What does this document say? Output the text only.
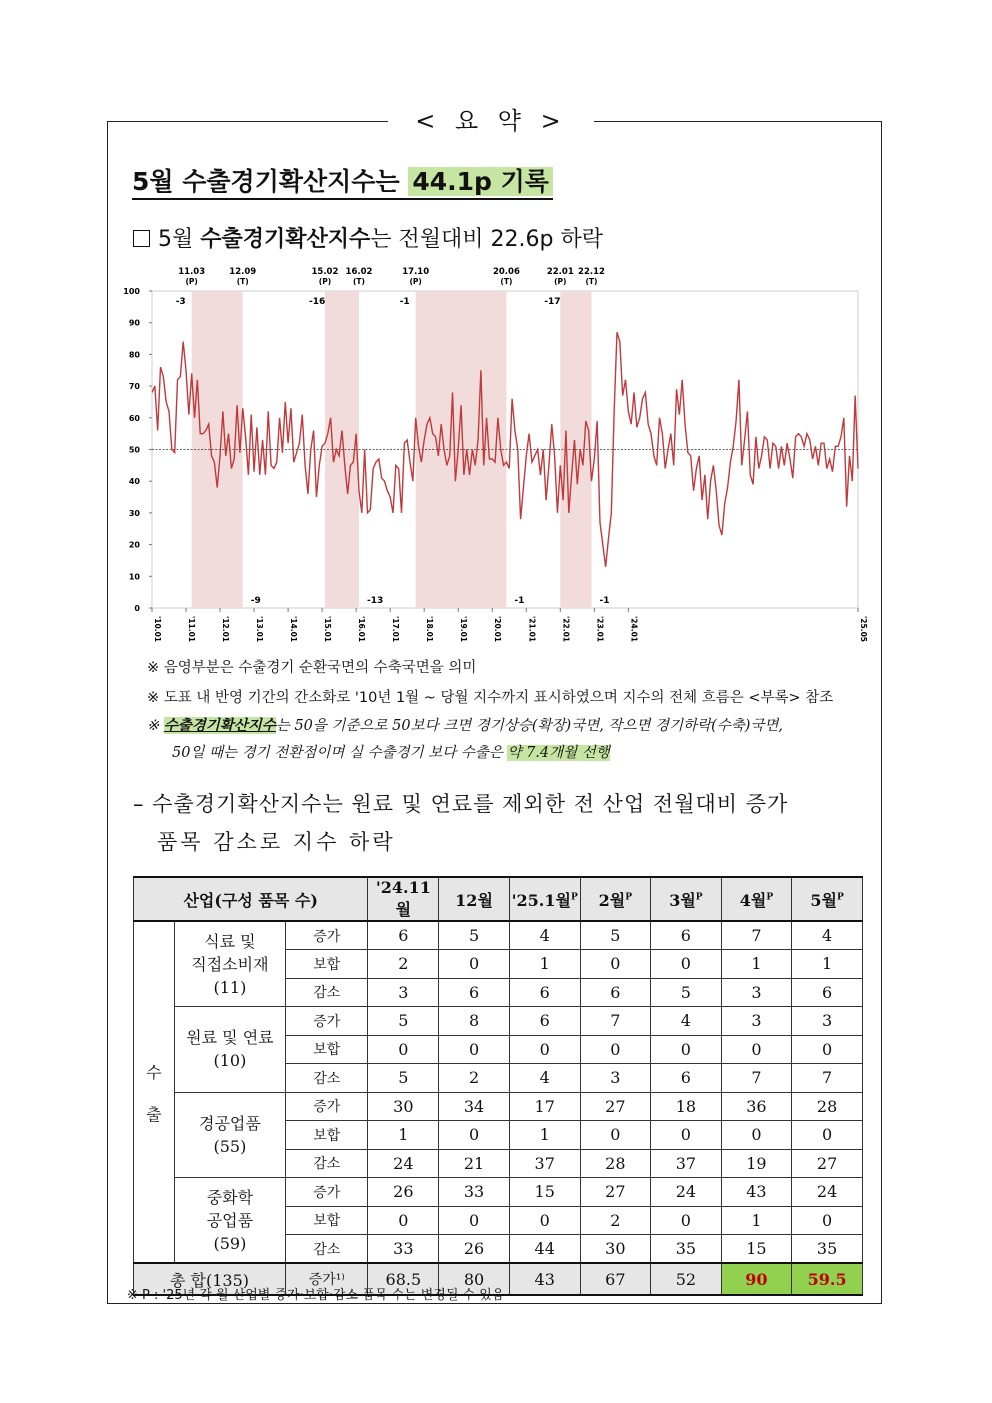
< 요 약 >
5월 수출경기확산지수는 44.1p 기록
5월 수출경기확산지수는 전월대비 22.6p 하락
0
10
20
30
40
50
60
70
80
90
100
'10.01	'11.01	'12.01	'13.01	'14.01	'15.01	'16.01	'17.01	'18.01	'19.01	'20.01	'21.01	'22.01	'23.01	'24.01	'25.05
11.03
(P)
12.09
(T)
15.02
(P)
16.02
(T)
17.10
(P)
20.06
(T)
22.01
(P)
22.12
(T)
-3
-9
-16
-13
-1
-1
-17
-1
※ 음영부분은 수출경기 순환국면의 수축국면을 의미
※ 도표 내 반영 기간의 간소화로 '10년 1월 ~ 당월 지수까지 표시하였으며 지수의 전체 흐름은 <부록> 참조
※ 수출경기확산지수는 50을 기준으로 50보다 크면 경기상승(확장)국면, 작으면 경기하락(수축)국면,
50일 때는 경기 전환점이며 실 수출경기 보다 수출은 약 7.4개월 선행
– 수출경기확산지수는 원료 및 연료를 제외한 전 산업 전월대비 증가
품목 감소로 지수 하락
산업(구성 품목 수)			'24.11월	12월	'25.1월$^P$	2월$^P$	3월$^P$	4월$^P$	5월$^P$
수

출	식료 및
직접소비재
(11)	증가	6	5	4	5	6	7	4
		보합	2	0	1	0	0	1	1
		감소	3	6	6	6	5	3	6
	원료 및 연료
(10)	증가	5	8	6	7	4	3	3
		보합	0	0	0	0	0	0	0
		감소	5	2	4	3	6	7	7
	경공업품
(55)	증가	30	34	17	27	18	36	28
		보합	1	0	1	0	0	0	0
		감소	24	21	37	28	37	19	27
	중화학
공업품
(59)	증가	26	33	15	27	24	43	24
		보합	0	0	0	2	0	1	0
		감소	33	26	44	30	35	15	35
총 합(135)		증가¹⁾	68.5	80	43	67	52	90	59.5
※ P : '25년 각 월 산업별 증가·보합·감소 품목 수는 변경될 수 있음
